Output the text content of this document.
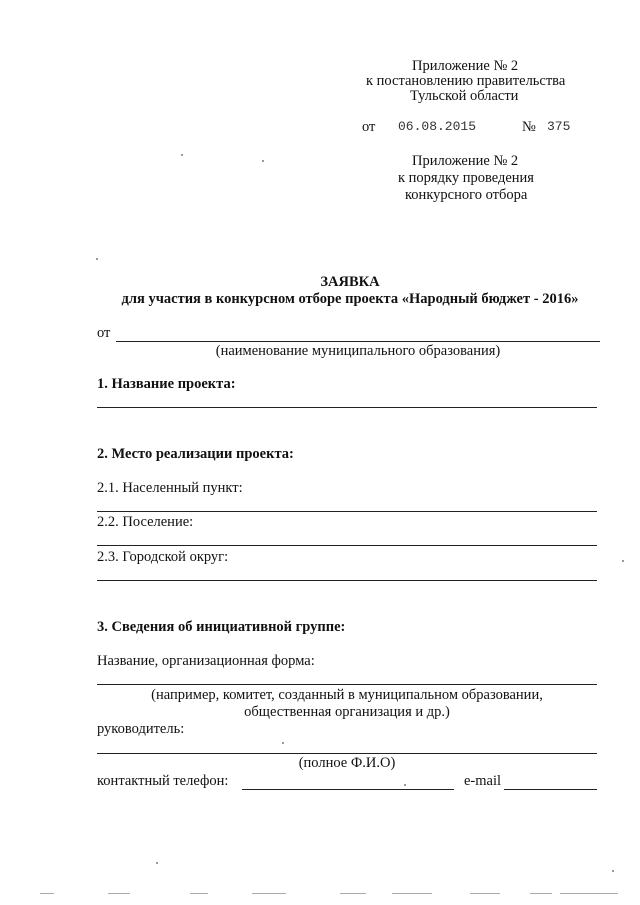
Приложение № 2
к постановлению правительства
Тульской области
от 06.08.2015	№ 375
Приложение № 2
к порядку проведения
конкурсного отбора
ЗАЯВКА
для участия в конкурсном отборе проекта «Народный бюджет - 2016»
от
(наименование муниципального образования)
1. Название проекта:
2. Место реализации проекта:
2.1. Населенный пункт:
2.2. Поселение:
2.3. Городской округ:
3. Сведения об инициативной группе:
Название, организационная форма:
(например, комитет, созданный в муниципальном образовании,
общественная организация и др.)
руководитель:
(полное Ф.И.О)
контактный телефон:	e-mail
